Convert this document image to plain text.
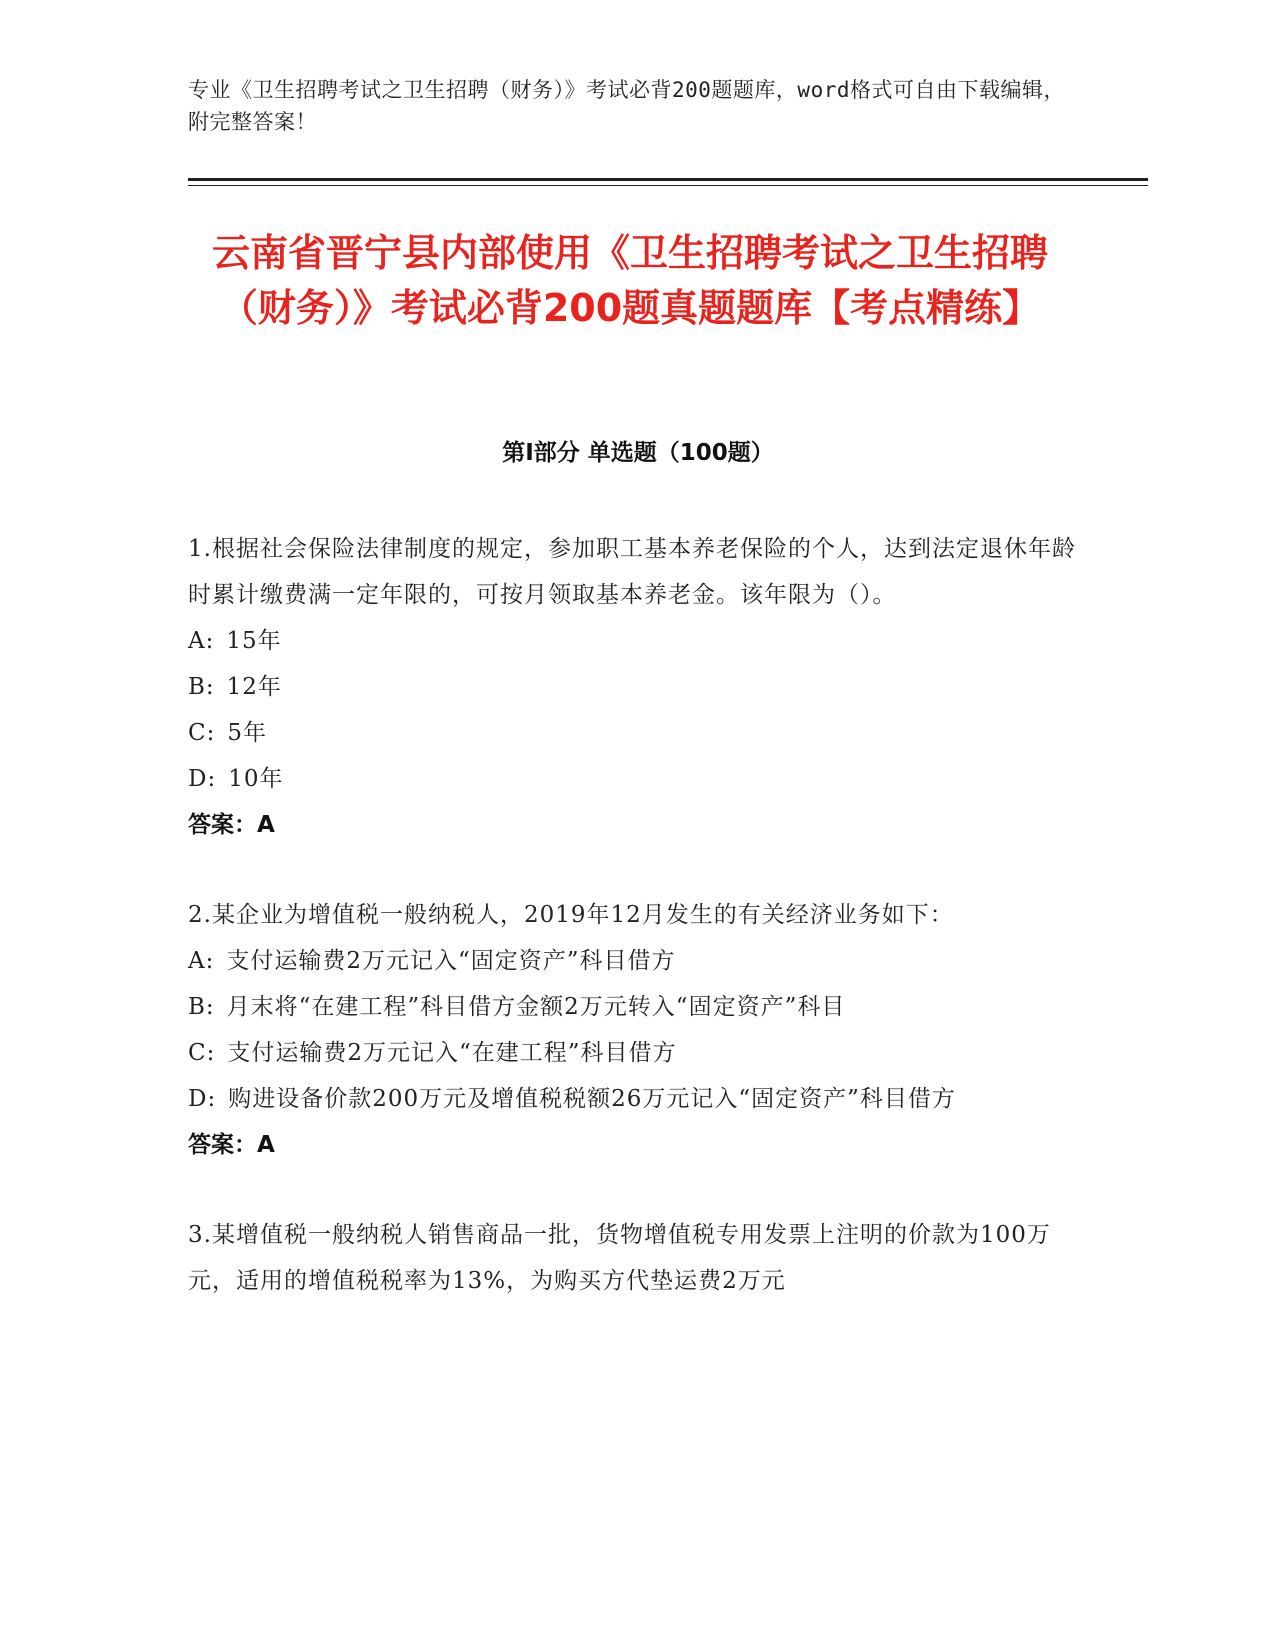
专业《卫生招聘考试之卫生招聘（财务）》考试必背200题题库，word格式可自由下载编辑，附完整答案！
云南省晋宁县内部使用《卫生招聘考试之卫生招聘（财务）》考试必背200题真题题库【考点精练】
第Ⅰ部分 单选题（100题）
1.根据社会保险法律制度的规定，参加职工基本养老保险的个人，达到法定退休年龄时累计缴费满一定年限的，可按月领取基本养老金。该年限为（）。
A: 15年
B: 12年
C: 5年
D: 10年
答案：A
2.某企业为增值税一般纳税人，2019年12月发生的有关经济业务如下：
A: 支付运输费2万元记入“固定资产”科目借方
B: 月末将“在建工程”科目借方金额2万元转入“固定资产”科目
C: 支付运输费2万元记入“在建工程”科目借方
D: 购进设备价款200万元及增值税税额26万元记入“固定资产”科目借方
答案：A
3.某增值税一般纳税人销售商品一批，货物增值税专用发票上注明的价款为100万元，适用的增值税税率为13%，为购买方代垫运费2万元
